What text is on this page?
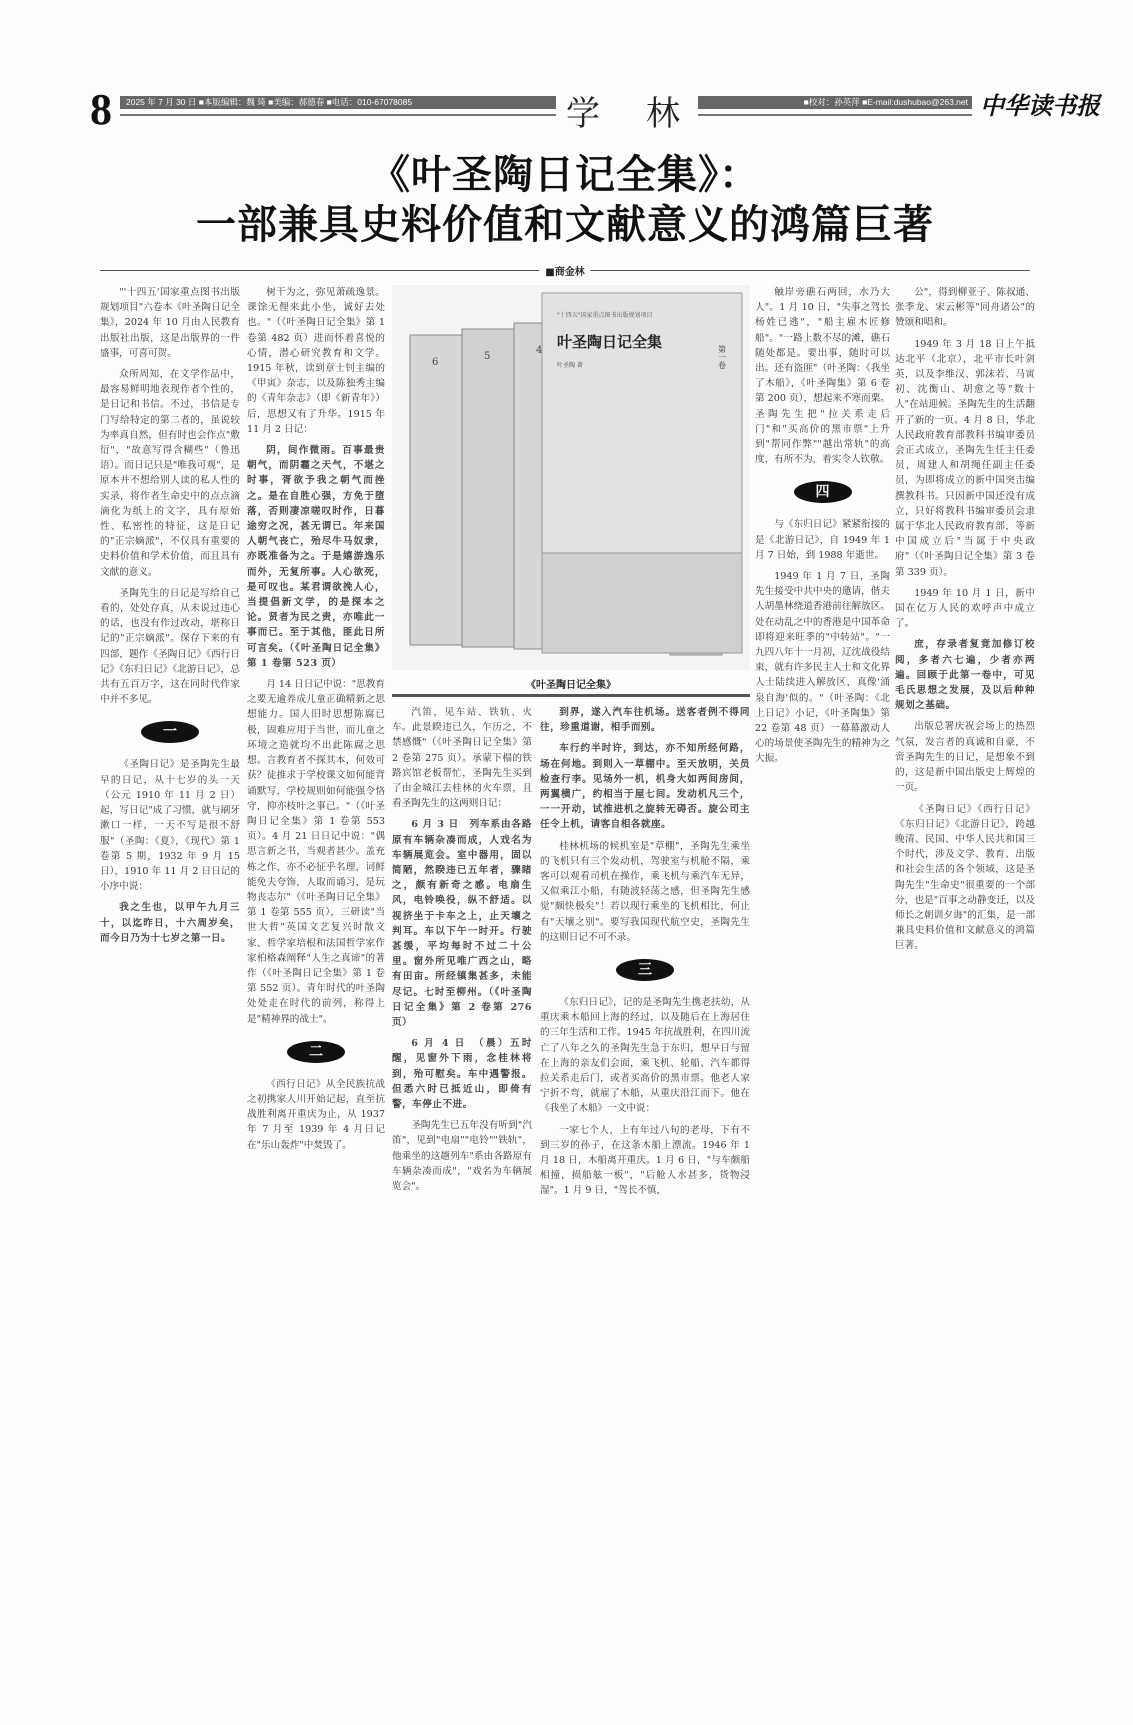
8	2025 年 7 月 30 日 ■本版编辑：魏 琦 ■美编：郝德春 ■电话：010-67078085	学 林	■校对：孙英萍 ■E-mail:dushubao@263.net 中华读书报
《叶圣陶日记全集》：
一部兼具史料价值和文献意义的鸿篇巨著
■商金林

"'十四五'国家重点图书出版规划项目"六卷本《叶圣陶日记全集》，2024 年 10 月由人民教育出版社出版，这是出版界的一件盛事，可喜可贺。

众所周知，在文学作品中，最容易鲜明地表现作者个性的，是日记和书信。不过，书信是专门写给特定的第二者的，虽说较为率真自然，但有时也会作点"敷衍"，"故意写得含糊些"（鲁迅语）。而日记只是"唯我可观"，是原本并不想给别人读的私人性的实录，将作者生命史中的点点滴滴化为纸上的文字，具有原始性、私密性的特征，这是日记的"正宗嫡派"，不仅具有重要的史料价值和学术价值，而且具有文献的意义。

圣陶先生的日记是写给自己看的，处处存真，从未说过违心的话，也没有作过改动，堪称日记的"正宗嫡派"。保存下来的有四部，题作《圣陶日记》《西行日记》《东归日记》《北游日记》，总共有五百万字，这在同时代作家中并不多见。

一

《圣陶日记》是圣陶先生最早的日记，从十七岁的头一天（公元 1910 年 11 月 2 日）起，写日记"成了习惯，就与刷牙漱口一样，一天不写是很不舒服"（圣陶：《夏》，《现代》第 1 卷第 5 期，1932 年 9 月 15 日），1910 年 11 月 2 日日记的小序中说：

我之生也，以甲午九月三十，以迄昨日，十六周岁矣，而今日乃为十七岁之第一日。

树干为之，弥见萧疏逸景。课馀无俚来此小坐，诚好去处也。"（《叶圣陶日记全集》第 1 卷第 482 页）进而怀着喜悦的心情，潜心研究教育和文学。1915 年秋，读到章士钊主编的《甲寅》杂志，以及陈独秀主编的《青年杂志》（即《新青年》）后，思想又有了升华。1915 年 11 月 2 日记：

阴，间作微雨。百事最贵朝气，而阴霾之天气，不堪之时事，胥欲予我之朝气而挫之。是在自胜心强，方免于堕落，否则凄凉嗟叹时作，日暮途穷之况，甚无谓已。年来国人朝气丧亡，殆尽牛马奴隶，亦既准备为之。于是嬉游逸乐而外，无复所事。人心欲死，是可叹也。某君谓欲挽人心，当提倡新文学，的是探本之论。贤者为民之责，亦唯此一事而已。至于其他，匪此日所可言矣。（《叶圣陶日记全集》第 1 卷第 523 页）

月 14 日日记中说："思教育之要无逾养成儿童正确精新之思想能力。国人旧时思想陈腐已极，固难应用于当世，而儿童之环境之造就均不出此陈腐之思想。言教育者不探其本，何效可获？徒推求于学校课文如何能背诵默写，学校规则如何能强令恪守，抑亦枝叶之事已。"（《叶圣陶日记全集》第 1 卷第 553 页）。4 月 21 日日记中说："偶思言新之书，当观者甚少。盖充栋之作，亦不必征乎名理，词鲜能免夫夸饰，人取而诵习，是玩物丧志尔"（《叶圣陶日记全集》第 1 卷第 555 页），三研读"当世大哲"英国文艺复兴时散文家、哲学家培根和法国哲学家作家柏格森阐释"人生之真谛"的著作（《叶圣陶日记全集》第 1 卷第 552 页）。青年时代的叶圣陶处处走在时代的前列，称得上是"精神界的战士"。

二

《西行日记》从全民族抗战之初携家人川开始记起，直至抗战胜利离开重庆为止，从 1937 年 7 月至 1939 年 4 月日记在"乐山轰炸"中焚毁了。

"十四五"国家重点图书出版规划项目
叶圣陶日记全集
叶圣陶 著	第一卷
6
5
4
《叶圣陶日记全集》

汽笛，见车站、铁轨、火车。此景睽违已久，乍历之，不禁感慨"（《叶圣陶日记全集》第 2 卷第 275 页）。承蒙下榻的铁路宾馆老板帮忙，圣陶先生买到了由金城江去桂林的火车票，且看圣陶先生的这两则日记：

6 月 3 日　列车系由各路原有车辆杂凑而成，人戏名为车辆展览会。室中器用，固以简陋，然睽违已五年者，骤睹之，颇有新奇之感。电扇生风，电铃唤役，纵不舒适。以视挤坐于卡车之上，止天壤之判耳。车以下午一时开。行驶甚缓，平均每时不过二十公里。窗外所见唯广西之山，略有田亩。所经镇集甚多，未能尽记。七时至柳州。（《叶圣陶日记全集》第 2 卷第 276 页）

6 月 4 日　（晨）五时醒，见窗外下雨，念桂林将到，殆可慰矣。车中遇警报。但悉六时已抵近山，即倚有警，车停止不进。

圣陶先生已五年没有听到"汽笛"，见到"电扇""电铃""铁轨"，他乘坐的这趟列车"系由各路原有车辆杂凑而成"，"戏名为车辆展览会"。

到界，遂入汽车往机场。送客者例不得同往，珍重道谢，相手而别。

车行约半时许，到达，亦不知所经何路，场在何地。到则入一草棚中。至天放明，关员检查行李。见场外一机，机身大如两间房间，两翼横广，约相当于屋七间。发动机凡三个，一一开动，试推进机之旋转无碍否。旋公司主任令上机，请客自相各就座。

桂林机场的候机室是"草棚"，圣陶先生乘坐的飞机只有三个发动机，驾驶室与机舱不隔，乘客可以观看司机在操作，乘飞机与乘汽车无异，又似乘江小船，有随波轻荡之感，但圣陶先生感觉"颇快极矣"！若以现行乘坐的飞机相比，何止有"天壤之别"。要写我国现代航空史，圣陶先生的这则日记不可不录。

三

《东归日记》，记的是圣陶先生携老扶幼，从重庆乘木船回上海的经过，以及随后在上海居住的三年生活和工作。1945 年抗战胜利，在四川流亡了八年之久的圣陶先生急于东归，想早日与留在上海的亲友们会面，乘飞机、轮船、汽车都得拉关系走后门，或者买高价的黑市票。他老人家宁折不弯，就雇了木船，从重庆沿江而下。他在《我坐了木船》一文中说：

一家七个人，上有年过八旬的老母，下有不到三岁的孙子，在这条木船上漂流。1946 年 1 月 18 日，木船离开重庆。1 月 6 日，"与车颇船相撞，损船舷一板"，"后舱人水甚多，货物浸湿"。1 月 9 日，"驾长不慎，

触岸旁礁石两回，水乃大人"。1 月 10 日，"失事之驾长杨姓已逃"，"船主雇木匠修船"。"一路上数不尽的滩，礁石随处都是。要出事，随时可以出。还有盗匪"（叶圣陶：《我坐了木船》，《叶圣陶集》第 6 卷第 200 页），想起来不寒而栗。圣陶先生把"拉关系走后门"和"买高价的黑市票"上升到"帮同作弊""越出常轨"的高度，有所不为，着实令人钦敬。

四

与《东归日记》紧紧衔接的是《北游日记》，自 1949 年 1 月 7 日始，到 1988 年逝世。

1949 年 1 月 7 日，圣陶先生接受中共中央的邀请，偕夫人胡墨林绕道香港前往解放区。处在动乱之中的香港是中国革命即将迎来旺季的"中转站"。"一九四八年十一月初，辽沈战役结束，就有许多民主人士和文化界人士陆续进入解放区，真像'涌泉自海'似的。"（叶圣陶：《北上日记》小记，《叶圣陶集》第 22 卷第 48 页）一幕幕激动人心的场景使圣陶先生的精神为之大振。

公"，得到柳亚子、陈叔通、张季龙、宋云彬等"同舟诸公"的赞颂和唱和。

1949 年 3 月 18 日上午抵达北平（北京），北平市长叶剑英，以及李维汉、郭沫若、马寅初、沈衡山、胡愈之等"数十人"在站迎候。圣陶先生的生活翻开了新的一页。4 月 8 日，华北人民政府教育部教科书编审委员会正式成立，圣陶先生任主任委员，周建人和胡绳任副主任委员，为即将成立的新中国突击编撰教科书。只因新中国还没有成立，只好将教科书编审委员会隶属于华北人民政府教育部，等新中国成立后"当属于中央政府"（《叶圣陶日记全集》第 3 卷第 339 页）。

1949 年 10 月 1 日，新中国在亿万人民的欢呼声中成立了。

庶，存录者复竟加修订校阅，多者六七遍，少者亦两遍。回顾于此第一卷中，可见毛氏思想之发展，及以后种种规划之基础。

出版总署庆祝会场上的热烈气氛，发言者的真诚和自豪，不啻圣陶先生的日记，是想象不到的，这是新中国出版史上辉煌的一页。

《圣陶日记》《西行日记》《东归日记》《北游日记》，跨越晚清、民国、中华人民共和国三个时代，涉及文学、教育、出版和社会生活的各个领域，这是圣陶先生"生命史"很重要的一个部分，也是"百事之动静变迁，以及师长之朝训夕诲"的汇集，是一部兼具史料价值和文献意义的鸿篇巨著。
